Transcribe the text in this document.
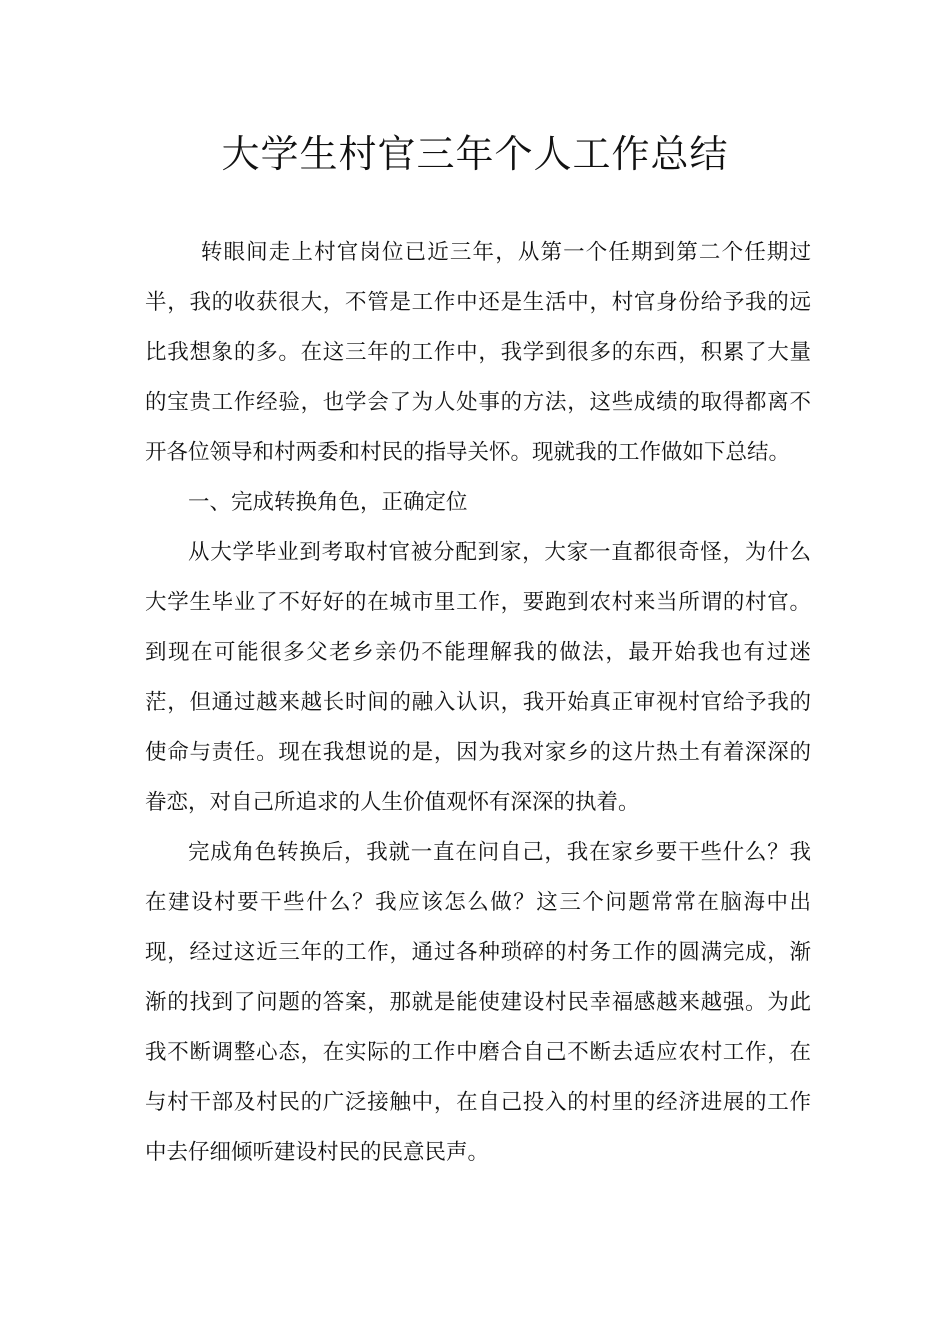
大学生村官三年个人工作总结

转眼间走上村官岗位已近三年，从第一个任期到第二个任期过半，我的收获很大，不管是工作中还是生活中，村官身份给予我的远比我想象的多。在这三年的工作中，我学到很多的东西，积累了大量的宝贵工作经验，也学会了为人处事的方法，这些成绩的取得都离不开各位领导和村两委和村民的指导关怀。现就我的工作做如下总结。

一、完成转换角色，正确定位

从大学毕业到考取村官被分配到家，大家一直都很奇怪，为什么大学生毕业了不好好的在城市里工作，要跑到农村来当所谓的村官。到现在可能很多父老乡亲仍不能理解我的做法，最开始我也有过迷茫，但通过越来越长时间的融入认识，我开始真正审视村官给予我的使命与责任。现在我想说的是，因为我对家乡的这片热土有着深深的眷恋，对自己所追求的人生价值观怀有深深的执着。

完成角色转换后，我就一直在问自己，我在家乡要干些什么？我在建设村要干些什么？我应该怎么做？这三个问题常常在脑海中出现，经过这近三年的工作，通过各种琐碎的村务工作的圆满完成，渐渐的找到了问题的答案，那就是能使建设村民幸福感越来越强。为此我不断调整心态，在实际的工作中磨合自己不断去适应农村工作，在与村干部及村民的广泛接触中，在自己投入的村里的经济进展的工作中去仔细倾听建设村民的民意民声。
